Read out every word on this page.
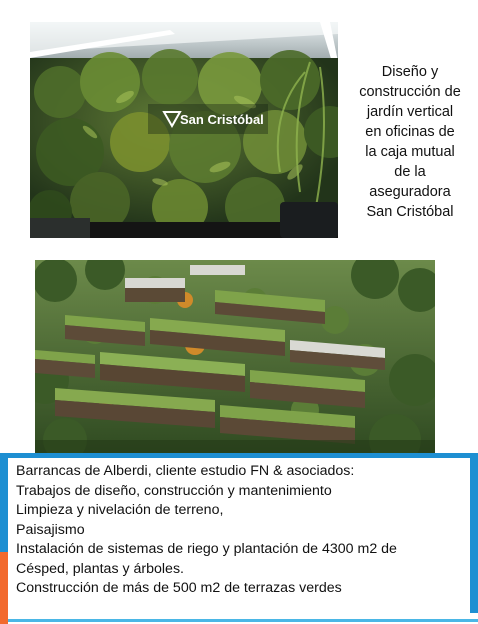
San Cristóbal
Diseño y
construcción de
jardín vertical
en oficinas de
la caja mutual
de la
aseguradora
San Cristóbal
Barrancas de Alberdi, cliente estudio FN & asociados:
Trabajos de diseño, construcción y mantenimiento
Limpieza y nivelación de terreno,
Paisajismo
Instalación de sistemas de riego y plantación de 4300 m2 de
Césped, plantas y árboles.
Construcción de más de 500 m2 de terrazas verdes
